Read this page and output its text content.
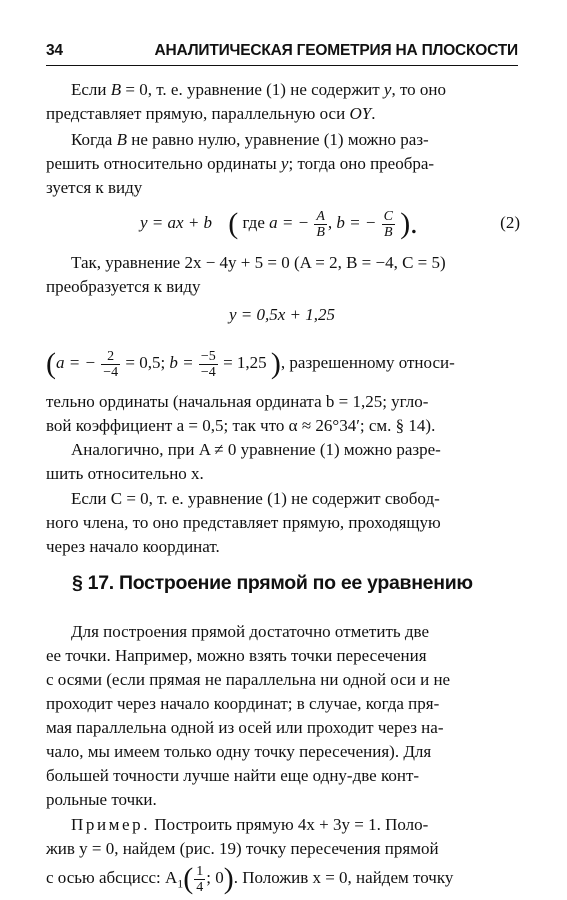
34	АНАЛИТИЧЕСКАЯ ГЕОМЕТРИЯ НА ПЛОСКОСТИ
Если B = 0, т. е. уравнение (1) не содержит y, то оно
представляет прямую, параллельную оси OY.
Когда B не равно нулю, уравнение (1) можно раз-
решить относительно ординаты y; тогда оно преобра-
зуется к виду
y = ax + b ( где a = − $\frac{A}{B}$ , b = − $\frac{C}{B}$ ).	(2)
Так, уравнение 2x − 4y + 5 = 0 (A = 2, B = −4, C = 5)
преобразуется к виду
y = 0,5x + 1,25
(a = − $\frac{2}{-4} = 0,5$; $b = \frac{-5}{-4} = 1,25$ ), разрешенному относи-
тельно ординаты (начальная ордината b = 1,25; угло-
вой коэффициент a = 0,5; так что α ≈ 26°34′; см. § 14).
Аналогично, при A ≠ 0 уравнение (1) можно разре-
шить относительно x.
Если C = 0, т. е. уравнение (1) не содержит свобод-
ного члена, то оно представляет прямую, проходящую
через начало координат.
§ 17. Построение прямой по ее уравнению
Для построения прямой достаточно отметить две
ее точки. Например, можно взять точки пересечения
с осями (если прямая не параллельна ни одной оси и не
проходит через начало координат; в случае, когда пря-
мая параллельна одной из осей или проходит через на-
чало, мы имеем только одну точку пересечения). Для
большей точности лучше найти еще одну-две конт-
рольные точки.
Пример. Построить прямую 4x + 3y = 1. Поло-
жив y = 0, найдем (рис. 19) точку пересечения прямой
с осью абсцисс: $A_1( \frac{1}{4}$ ; 0). Положив x = 0, найдем точку
